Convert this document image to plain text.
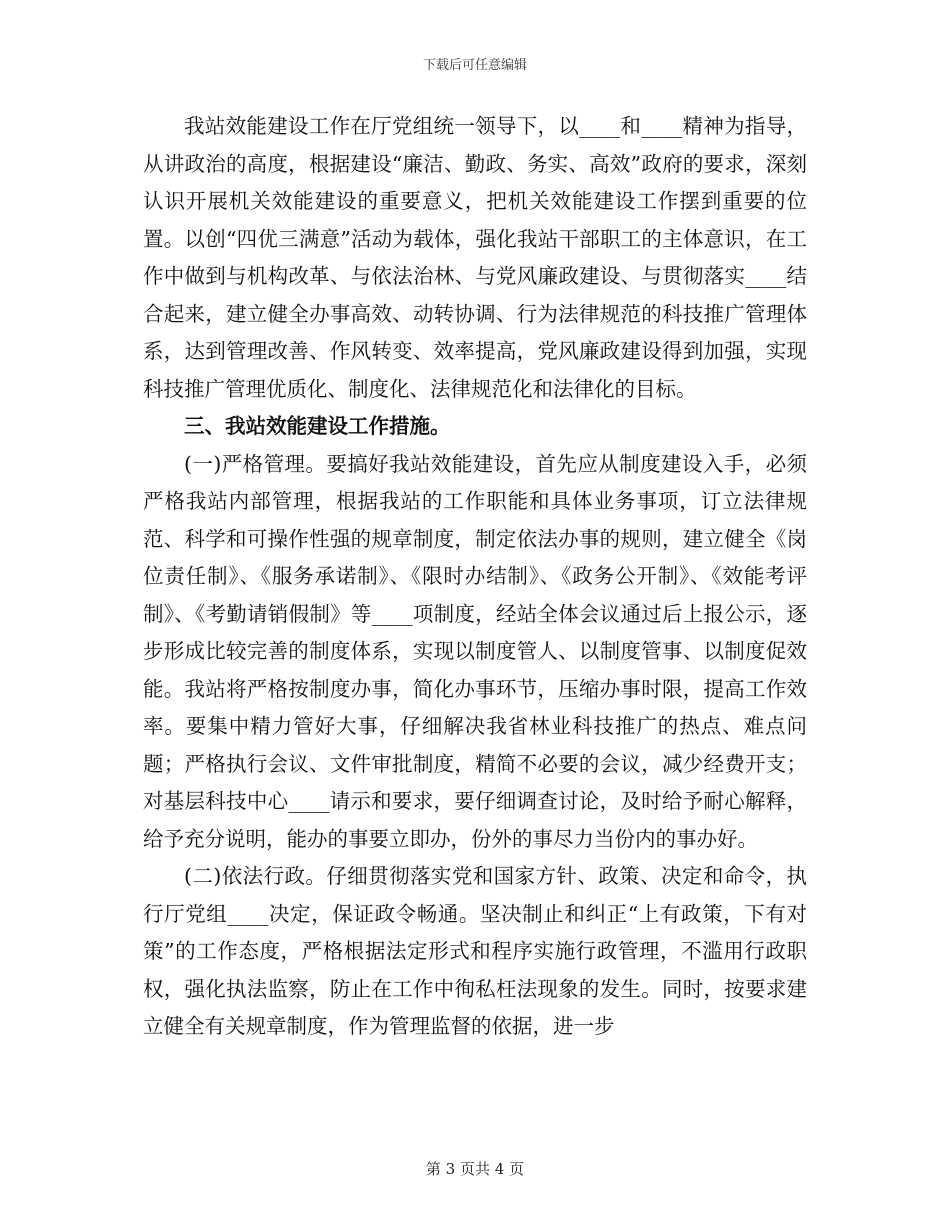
下载后可任意编辑

我站效能建设工作在厅党组统一领导下，以____和____精神为指导，从讲政治的高度，根据建设“廉洁、勤政、务实、高效”政府的要求，深刻认识开展机关效能建设的重要意义，把机关效能建设工作摆到重要的位置。以创“四优三满意”活动为载体，强化我站干部职工的主体意识，在工作中做到与机构改革、与依法治林、与党风廉政建设、与贯彻落实____结合起来，建立健全办事高效、动转协调、行为法律规范的科技推广管理体系，达到管理改善、作风转变、效率提高，党风廉政建设得到加强，实现科技推广管理优质化、制度化、法律规范化和法律化的目标。

三、我站效能建设工作措施。

(一)严格管理。要搞好我站效能建设，首先应从制度建设入手，必须严格我站内部管理，根据我站的工作职能和具体业务事项，订立法律规范、科学和可操作性强的规章制度，制定依法办事的规则，建立健全《岗位责任制》、《服务承诺制》、《限时办结制》、《政务公开制》、《效能考评制》、《考勤请销假制》等____项制度，经站全体会议通过后上报公示，逐步形成比较完善的制度体系，实现以制度管人、以制度管事、以制度促效能。我站将严格按制度办事，简化办事环节，压缩办事时限，提高工作效率。要集中精力管好大事，仔细解决我省林业科技推广的热点、难点问题；严格执行会议、文件审批制度，精简不必要的会议，减少经费开支；对基层科技中心____请示和要求，要仔细调查讨论，及时给予耐心解释，给予充分说明，能办的事要立即办，份外的事尽力当份内的事办好。

(二)依法行政。仔细贯彻落实党和国家方针、政策、决定和命令，执行厅党组____决定，保证政令畅通。坚决制止和纠正“上有政策，下有对策”的工作态度，严格根据法定形式和程序实施行政管理，不滥用行政职权，强化执法监察，防止在工作中徇私枉法现象的发生。同时，按要求建立健全有关规章制度，作为管理监督的依据，进一步

第 3 页共 4 页
